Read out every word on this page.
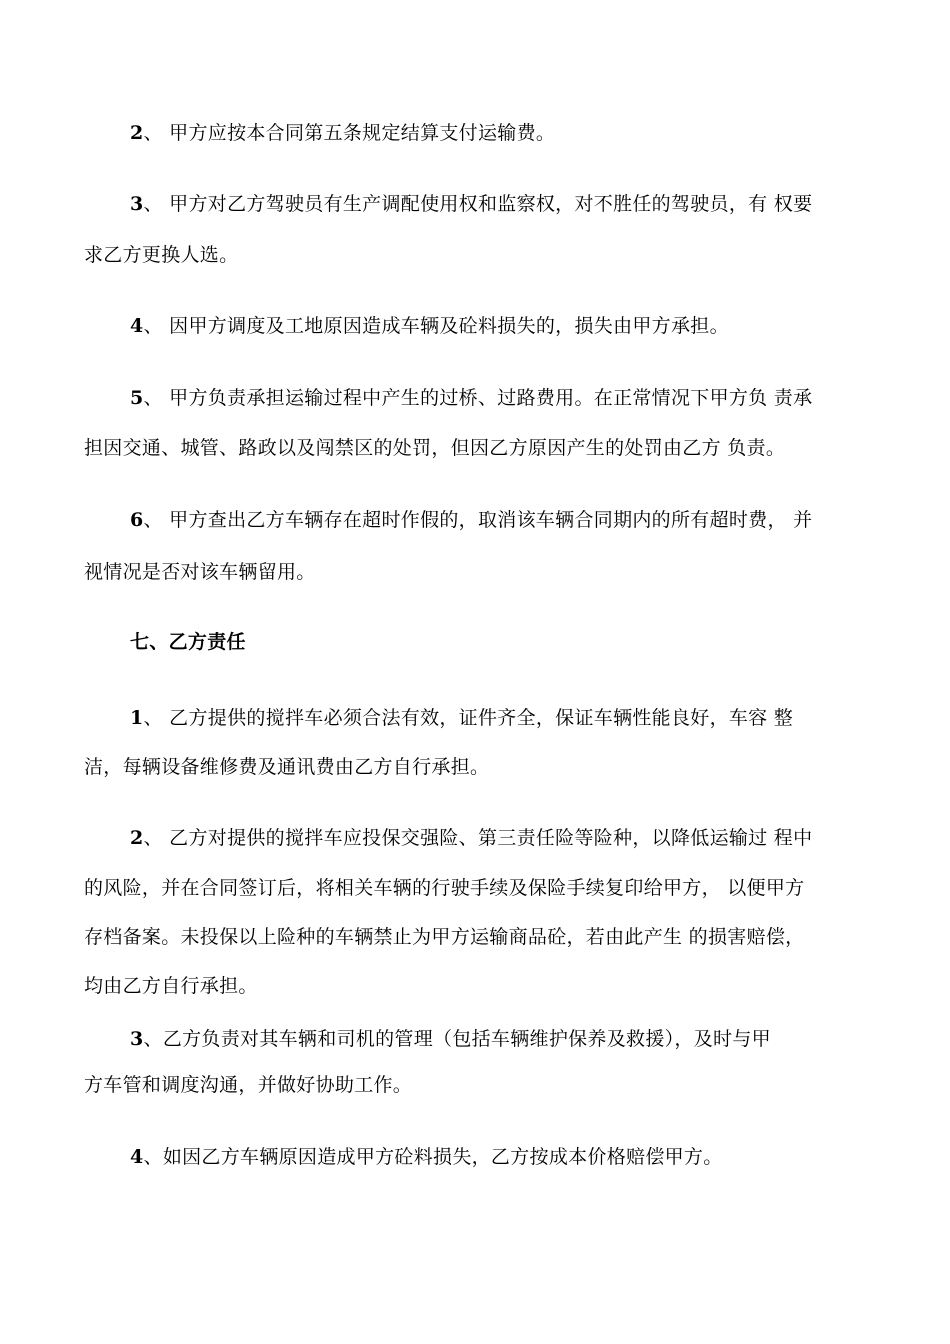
2、 甲方应按本合同第五条规定结算支付运输费。
3、 甲方对乙方驾驶员有生产调配使用权和监察权，对不胜任的驾驶员，有 权要
求乙方更换人选。
4、 因甲方调度及工地原因造成车辆及砼料损失的，损失由甲方承担。
5、 甲方负责承担运输过程中产生的过桥、过路费用。在正常情况下甲方负 责承
担因交通、城管、路政以及闯禁区的处罚，但因乙方原因产生的处罚由乙方 负责。
6、 甲方查出乙方车辆存在超时作假的，取消该车辆合同期内的所有超时费， 并
视情况是否对该车辆留用。
七、乙方责任
1、 乙方提供的搅拌车必须合法有效，证件齐全，保证车辆性能良好，车容 整
洁，每辆设备维修费及通讯费由乙方自行承担。
2、 乙方对提供的搅拌车应投保交强险、第三责任险等险种，以降低运输过 程中
的风险，并在合同签订后，将相关车辆的行驶手续及保险手续复印给甲方， 以便甲方
存档备案。未投保以上险种的车辆禁止为甲方运输商品砼，若由此产生 的损害赔偿，
均由乙方自行承担。
3、乙方负责对其车辆和司机的管理（包括车辆维护保养及救援），及时与甲
方车管和调度沟通，并做好协助工作。
4、如因乙方车辆原因造成甲方砼料损失，乙方按成本价格赔偿甲方。
